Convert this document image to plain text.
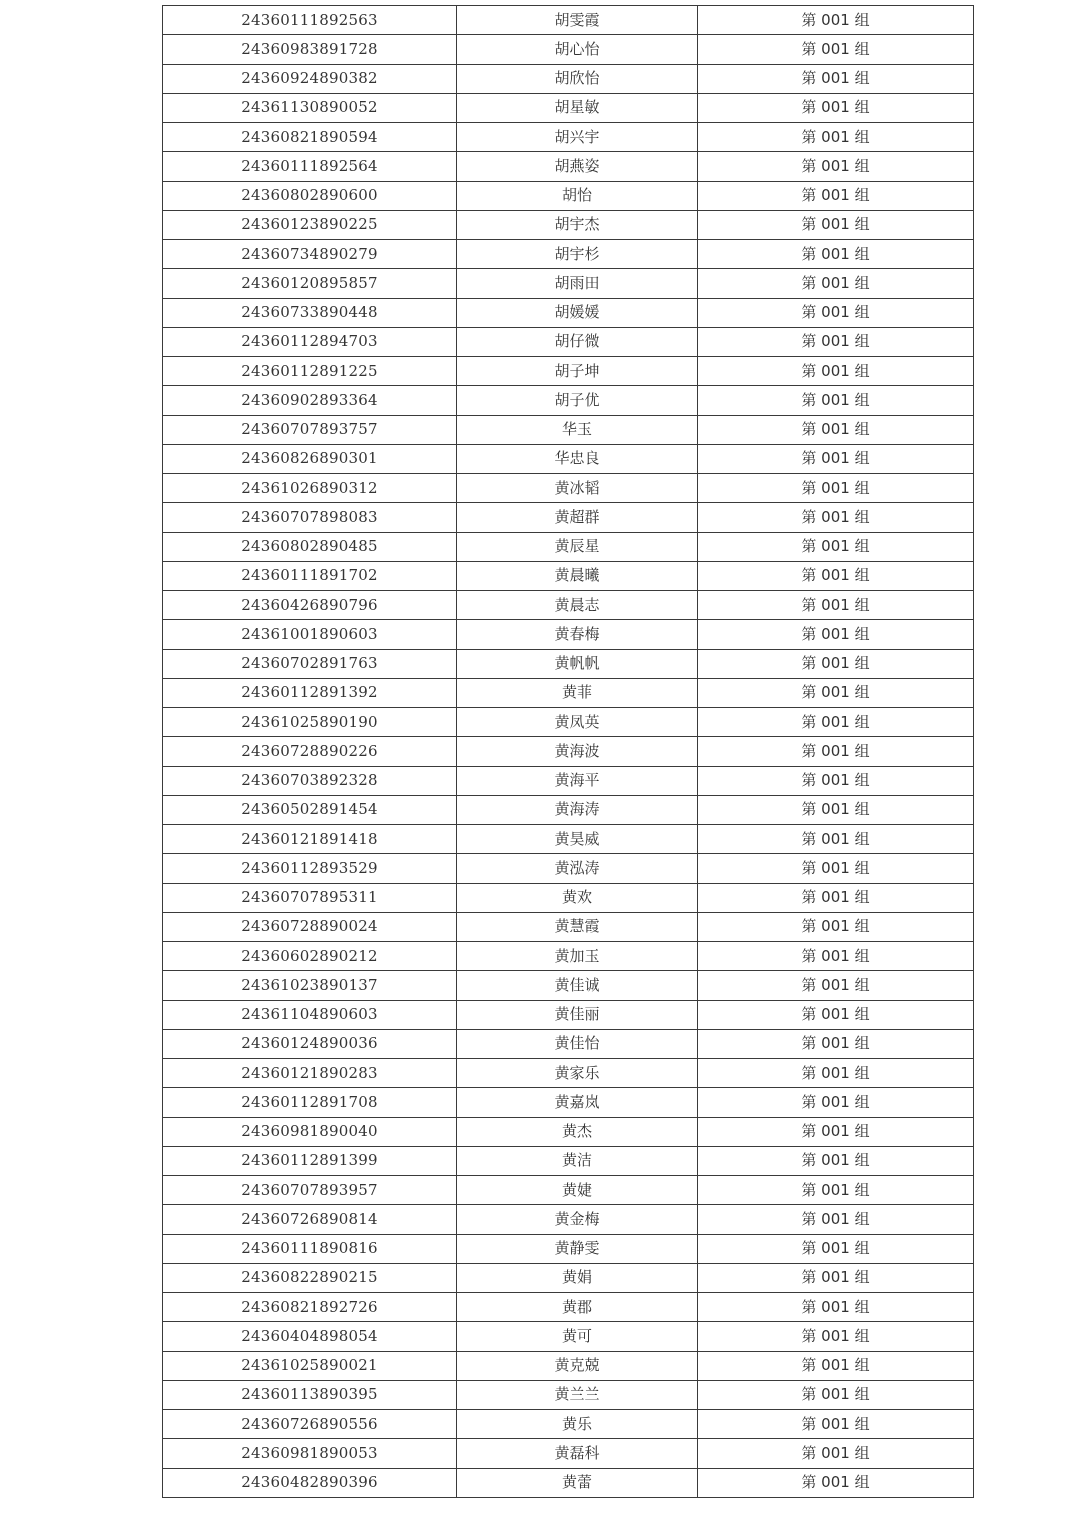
24360111892563	胡雯霞	第 001 组
24360983891728	胡心怡	第 001 组
24360924890382	胡欣怡	第 001 组
24361130890052	胡星敏	第 001 组
24360821890594	胡兴宇	第 001 组
24360111892564	胡燕姿	第 001 组
24360802890600	胡怡	第 001 组
24360123890225	胡宇杰	第 001 组
24360734890279	胡宇杉	第 001 组
24360120895857	胡雨田	第 001 组
24360733890448	胡媛媛	第 001 组
24360112894703	胡仔微	第 001 组
24360112891225	胡子坤	第 001 组
24360902893364	胡子优	第 001 组
24360707893757	华玉	第 001 组
24360826890301	华忠良	第 001 组
24361026890312	黄冰韬	第 001 组
24360707898083	黄超群	第 001 组
24360802890485	黄辰星	第 001 组
24360111891702	黄晨曦	第 001 组
24360426890796	黄晨志	第 001 组
24361001890603	黄春梅	第 001 组
24360702891763	黄帆帆	第 001 组
24360112891392	黄菲	第 001 组
24361025890190	黄凤英	第 001 组
24360728890226	黄海波	第 001 组
24360703892328	黄海平	第 001 组
24360502891454	黄海涛	第 001 组
24360121891418	黄昊威	第 001 组
24360112893529	黄泓涛	第 001 组
24360707895311	黄欢	第 001 组
24360728890024	黄慧霞	第 001 组
24360602890212	黄加玉	第 001 组
24361023890137	黄佳诚	第 001 组
24361104890603	黄佳丽	第 001 组
24360124890036	黄佳怡	第 001 组
24360121890283	黄家乐	第 001 组
24360112891708	黄嘉岚	第 001 组
24360981890040	黄杰	第 001 组
24360112891399	黄洁	第 001 组
24360707893957	黄婕	第 001 组
24360726890814	黄金梅	第 001 组
24360111890816	黄静雯	第 001 组
24360822890215	黄娟	第 001 组
24360821892726	黄郡	第 001 组
24360404898054	黄可	第 001 组
24361025890021	黄克兢	第 001 组
24360113890395	黄兰兰	第 001 组
24360726890556	黄乐	第 001 组
24360981890053	黄磊科	第 001 组
24360482890396	黄蕾	第 001 组
